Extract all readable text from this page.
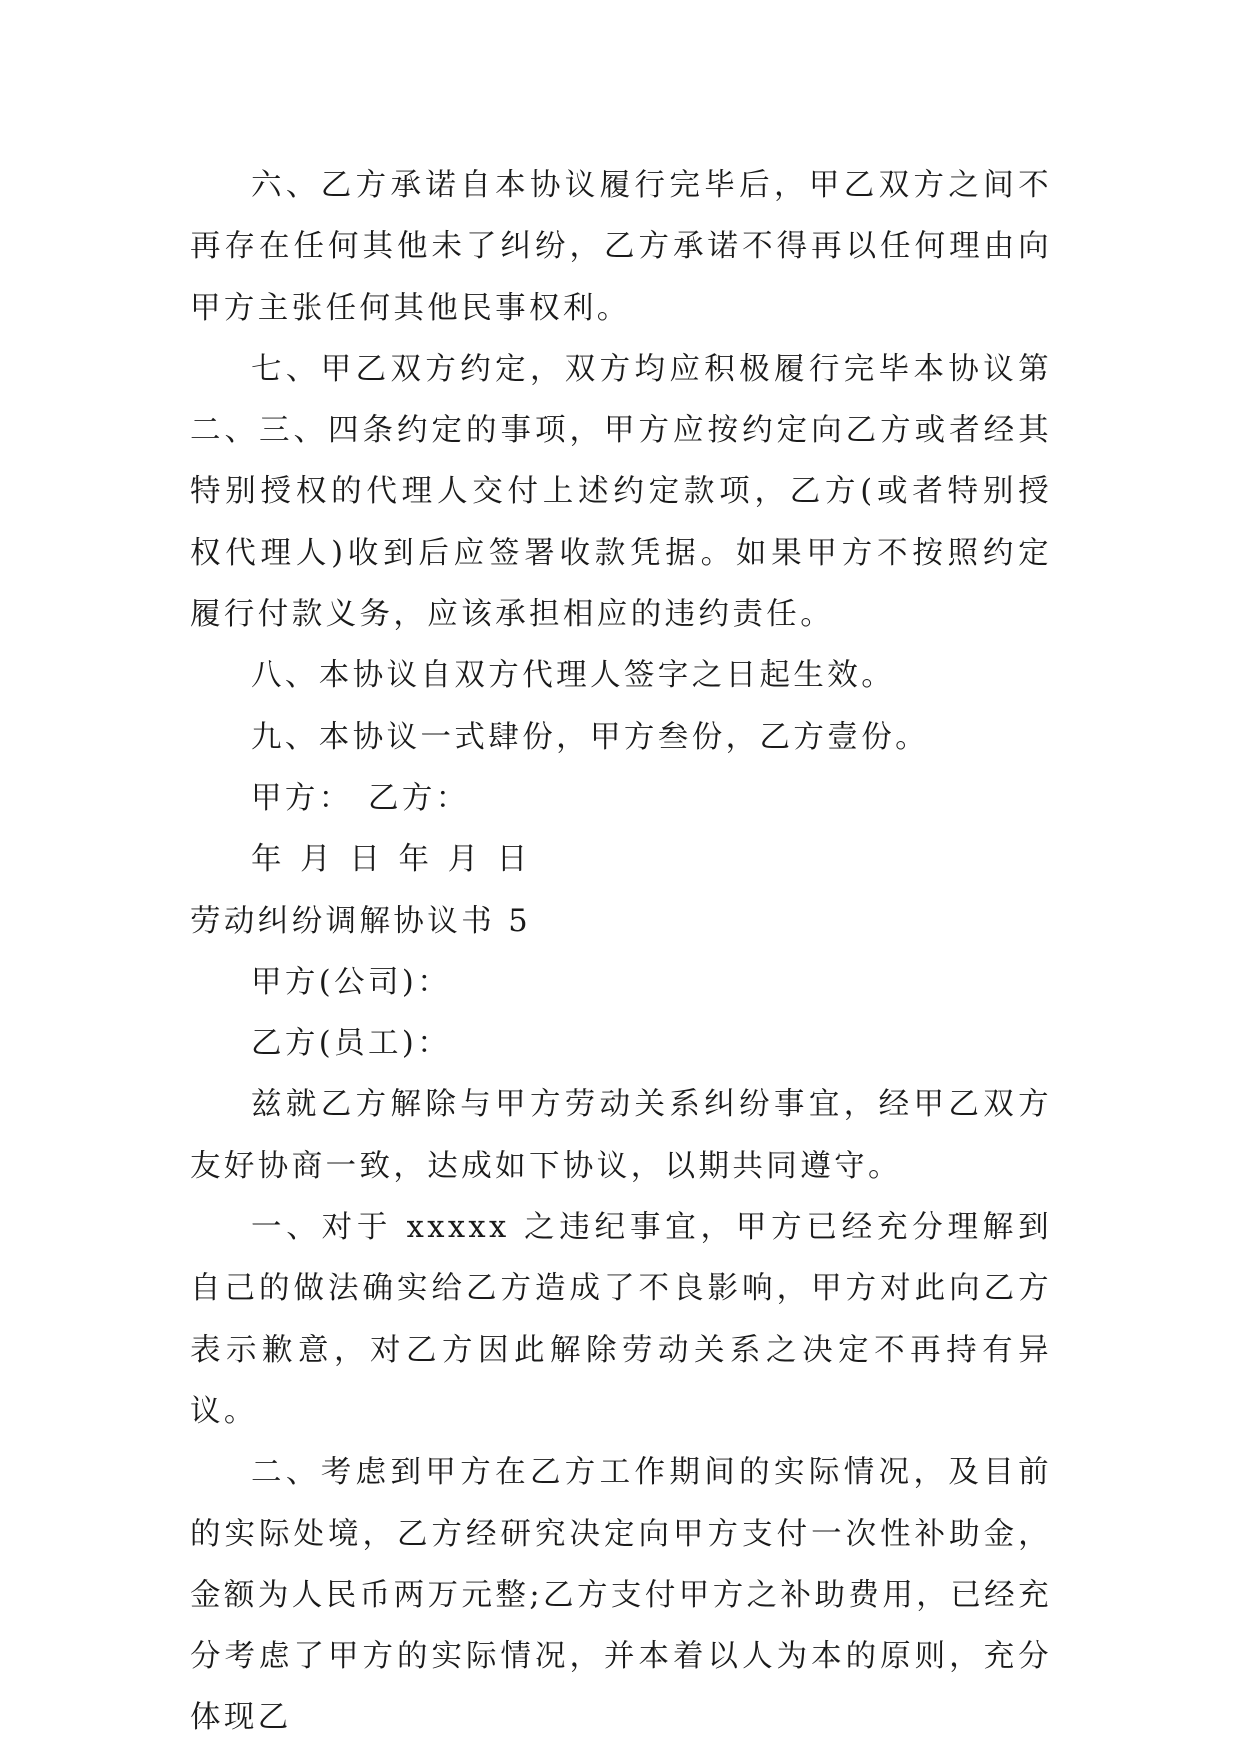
六、乙方承诺自本协议履行完毕后，甲乙双方之间不再存在任何其他未了纠纷，乙方承诺不得再以任何理由向甲方主张任何其他民事权利。

七、甲乙双方约定，双方均应积极履行完毕本协议第二、三、四条约定的事项，甲方应按约定向乙方或者经其特别授权的代理人交付上述约定款项，乙方(或者特别授权代理人)收到后应签署收款凭据。如果甲方不按照约定履行付款义务，应该承担相应的违约责任。

八、本协议自双方代理人签字之日起生效。

九、本协议一式肆份，甲方叁份，乙方壹份。

甲方： 乙方：

年 月 日 年 月 日

劳动纠纷调解协议书 5

甲方(公司)：

乙方(员工)：

兹就乙方解除与甲方劳动关系纠纷事宜，经甲乙双方友好协商一致，达成如下协议，以期共同遵守。

一、对于 xxxxx 之违纪事宜，甲方已经充分理解到自己的做法确实给乙方造成了不良影响，甲方对此向乙方表示歉意，对乙方因此解除劳动关系之决定不再持有异议。

二、考虑到甲方在乙方工作期间的实际情况，及目前的实际处境，乙方经研究决定向甲方支付一次性补助金，金额为人民币两万元整;乙方支付甲方之补助费用，已经充分考虑了甲方的实际情况，并本着以人为本的原则，充分体现乙
